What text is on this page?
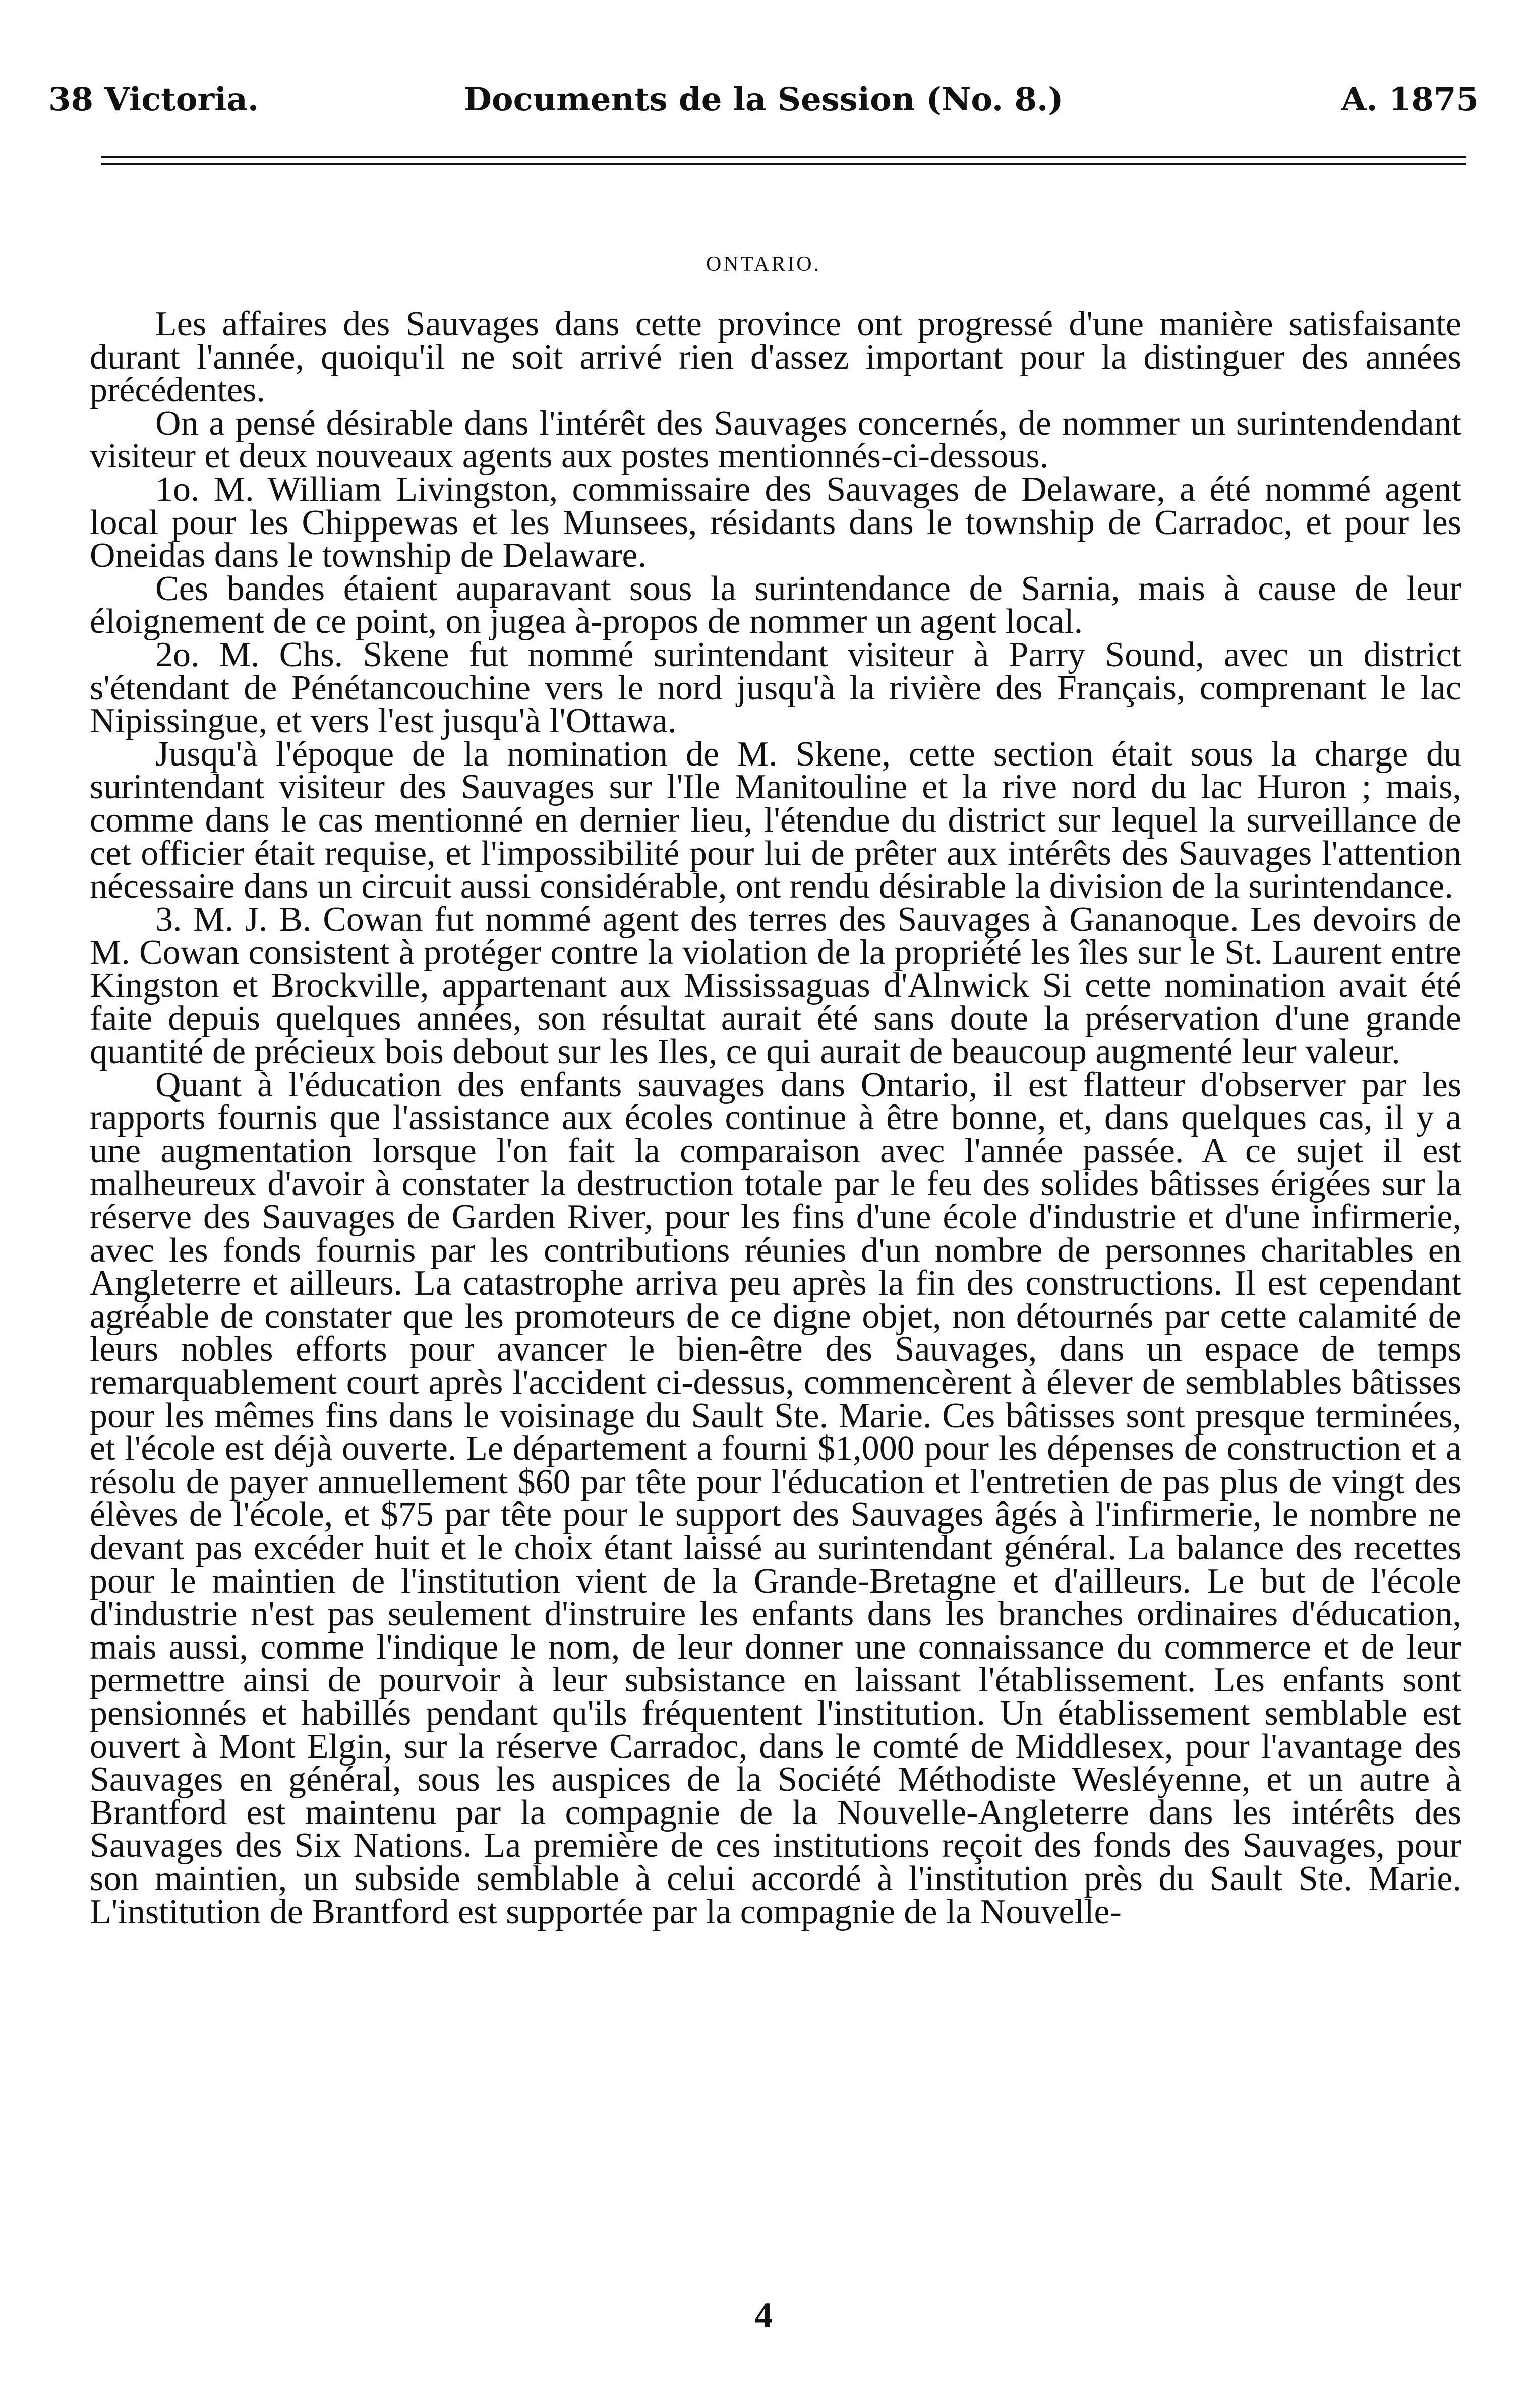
38 Victoria.	Documents de la Session (No. 8.)	A. 1875
ONTARIO.

Les affaires des Sauvages dans cette province ont progressé d'une manière satisfaisante durant l'année, quoiqu'il ne soit arrivé rien d'assez important pour la distinguer des années précédentes.

On a pensé désirable dans l'intérêt des Sauvages concernés, de nommer un surintendendant visiteur et deux nouveaux agents aux postes mentionnés-ci-dessous.

1o. M. William Livingston, commissaire des Sauvages de Delaware, a été nommé agent local pour les Chippewas et les Munsees, résidants dans le township de Carradoc, et pour les Oneidas dans le township de Delaware.

Ces bandes étaient auparavant sous la surintendance de Sarnia, mais à cause de leur éloignement de ce point, on jugea à-propos de nommer un agent local.

2o. M. Chs. Skene fut nommé surintendant visiteur à Parry Sound, avec un district s'étendant de Pénétancouchine vers le nord jusqu'à la rivière des Français, comprenant le lac Nipissingue, et vers l'est jusqu'à l'Ottawa.

Jusqu'à l'époque de la nomination de M. Skene, cette section était sous la charge du surintendant visiteur des Sauvages sur l'Ile Manitouline et la rive nord du lac Huron ; mais, comme dans le cas mentionné en dernier lieu, l'étendue du district sur lequel la surveillance de cet officier était requise, et l'impossibilité pour lui de prêter aux intérêts des Sauvages l'attention nécessaire dans un circuit aussi considérable, ont rendu désirable la division de la surintendance.

3. M. J. B. Cowan fut nommé agent des terres des Sauvages à Gananoque. Les devoirs de M. Cowan consistent à protéger contre la violation de la propriété les îles sur le St. Laurent entre Kingston et Brockville, appartenant aux Mississaguas d'Alnwick Si cette nomination avait été faite depuis quelques années, son résultat aurait été sans doute la préservation d'une grande quantité de précieux bois debout sur les Iles, ce qui aurait de beaucoup augmenté leur valeur.

Quant à l'éducation des enfants sauvages dans Ontario, il est flatteur d'observer par les rapports fournis que l'assistance aux écoles continue à être bonne, et, dans quelques cas, il y a une augmentation lorsque l'on fait la comparaison avec l'année passée. A ce sujet il est malheureux d'avoir à constater la destruction totale par le feu des solides bâtisses érigées sur la réserve des Sauvages de Garden River, pour les fins d'une école d'industrie et d'une infirmerie, avec les fonds fournis par les contributions réunies d'un nombre de personnes charitables en Angleterre et ailleurs. La catastrophe arriva peu après la fin des constructions. Il est cependant agréable de constater que les promoteurs de ce digne objet, non détournés par cette calamité de leurs nobles efforts pour avancer le bien-être des Sauvages, dans un espace de temps remarquablement court après l'accident ci-dessus, commencèrent à élever de semblables bâtisses pour les mêmes fins dans le voisinage du Sault Ste. Marie. Ces bâtisses sont presque terminées, et l'école est déjà ouverte. Le département a fourni $1,000 pour les dépenses de construction et a résolu de payer annuellement $60 par tête pour l'éducation et l'entretien de pas plus de vingt des élèves de l'école, et $75 par tête pour le support des Sauvages âgés à l'infirmerie, le nombre ne devant pas excéder huit et le choix étant laissé au surintendant général. La balance des recettes pour le maintien de l'institution vient de la Grande-Bretagne et d'ailleurs. Le but de l'école d'industrie n'est pas seulement d'instruire les enfants dans les branches ordinaires d'éducation, mais aussi, comme l'indique le nom, de leur donner une connaissance du commerce et de leur permettre ainsi de pourvoir à leur subsistance en laissant l'établissement. Les enfants sont pensionnés et habillés pendant qu'ils fréquentent l'institution. Un établissement semblable est ouvert à Mont Elgin, sur la réserve Carradoc, dans le comté de Middlesex, pour l'avantage des Sauvages en général, sous les auspices de la Société Méthodiste Wesléyenne, et un autre à Brantford est maintenu par la compagnie de la Nouvelle-Angleterre dans les intérêts des Sauvages des Six Nations. La première de ces institutions reçoit des fonds des Sauvages, pour son maintien, un subside semblable à celui accordé à l'institution près du Sault Ste. Marie. L'institution de Brantford est supportée par la compagnie de la Nouvelle-

4
